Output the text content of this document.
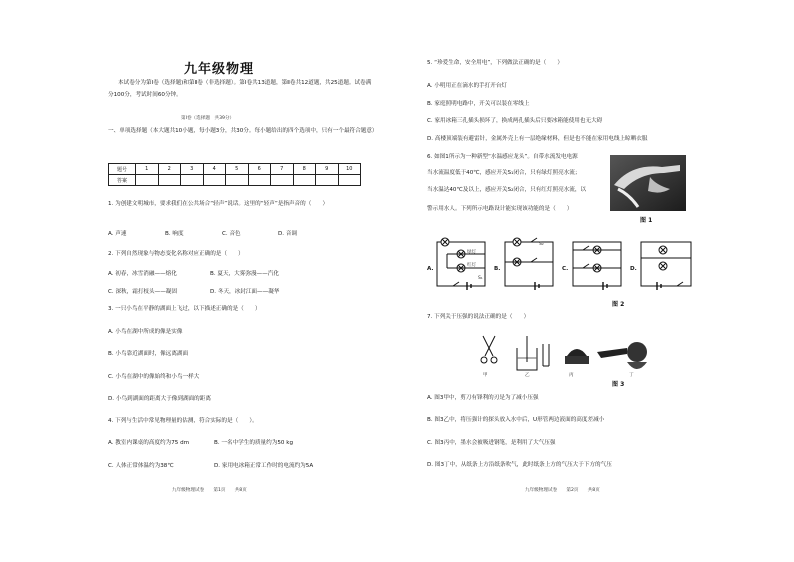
九年级物理
本试卷分为第Ⅰ卷（选择题)和第Ⅱ卷（非选择题）。第Ⅰ卷共13道题，第Ⅱ卷共12道题，共25道题。试卷满
分100分，考试时间60分钟。
第Ⅰ卷（选择题　共39分）
一、单项选择题（本大题共10小题，每小题3分，共30分。每小题给出的四个选项中，只有一个最符合题意）
题号	1	2	3	4	5	6	7	8	9	10
答案										
1. 为创建文明城市，要求我们在公共场合“轻声”说话。这里的“轻声”是指声音的（　　）
A. 声速	B. 响度	C. 音色	D. 音调
2. 下列自然现象与物态变化名称对应正确的是（　　）
A. 初春，冰雪消融——熔化	B. 夏天，大雾弥漫——汽化
C. 深秋，霜打枝头——凝固	D. 冬天，冰封江面——凝华
3. 一只小鸟在平静的湖面上飞过，以下描述正确的是（　　）
A. 小鸟在湖中所成的像是实像
B. 小鸟靠近湖面时，像远离湖面
C. 小鸟在湖中的像始终和小鸟一样大
D. 小鸟到湖面的距离大于像到湖面的距离
4. 下列与生活中常见物理量的估测，符合实际的是（　　）。
A. 教室内课桌的高度约为75 dm	B. 一名中学生的质量约为50 kg
C. 人体正常体温约为38℃	D. 家用电冰箱正常工作时的电流约为5A
九年级物理试卷　　第1页　　共8页
5. “珍爱生命，安全用电”，下列做法正确的是（　　）
A. 小明用正在滴水的手打开台灯
B. 家庭照明电路中，开关可以装在零线上
C. 家用冰箱三孔插头损坏了，换成两孔插头后只要冰箱能使用也无大碍
D. 高楼顶端装有避雷针，金属外壳上有一层绝缘材料，但是也不能在家用电线上晾晒衣服
6. 如图1所示为一种新型“水温感应龙头”。自带水流发电电源
当水流温度低于40℃，感应开关S₁闭合，只有绿灯照亮水流；
当水温达40℃及以上，感应开关S₂闭合，只有红灯照亮水流，以
警示用水人。下列所示电路设计能实现该功能的是（　　）
图 1
A.	B.	C.	D.
绿灯
红灯
S₁
S₂
图 2
7. 下列关于压强的说法正确的是（　　）
甲	乙	丙	丁
图 3
A. 图3甲中，剪刀有锋利的刃是为了减小压强
B. 图3乙中，将压强计的探头放入水中后，U形管两边液面的高度差减小
C. 图3丙中，墨水会被吸进钢笔，是利用了大气压强
D. 图3丁中，从纸条上方沿纸条吹气，此时纸条上方的气压大于下方的气压
九年级物理试卷　　第2页　　共8页
